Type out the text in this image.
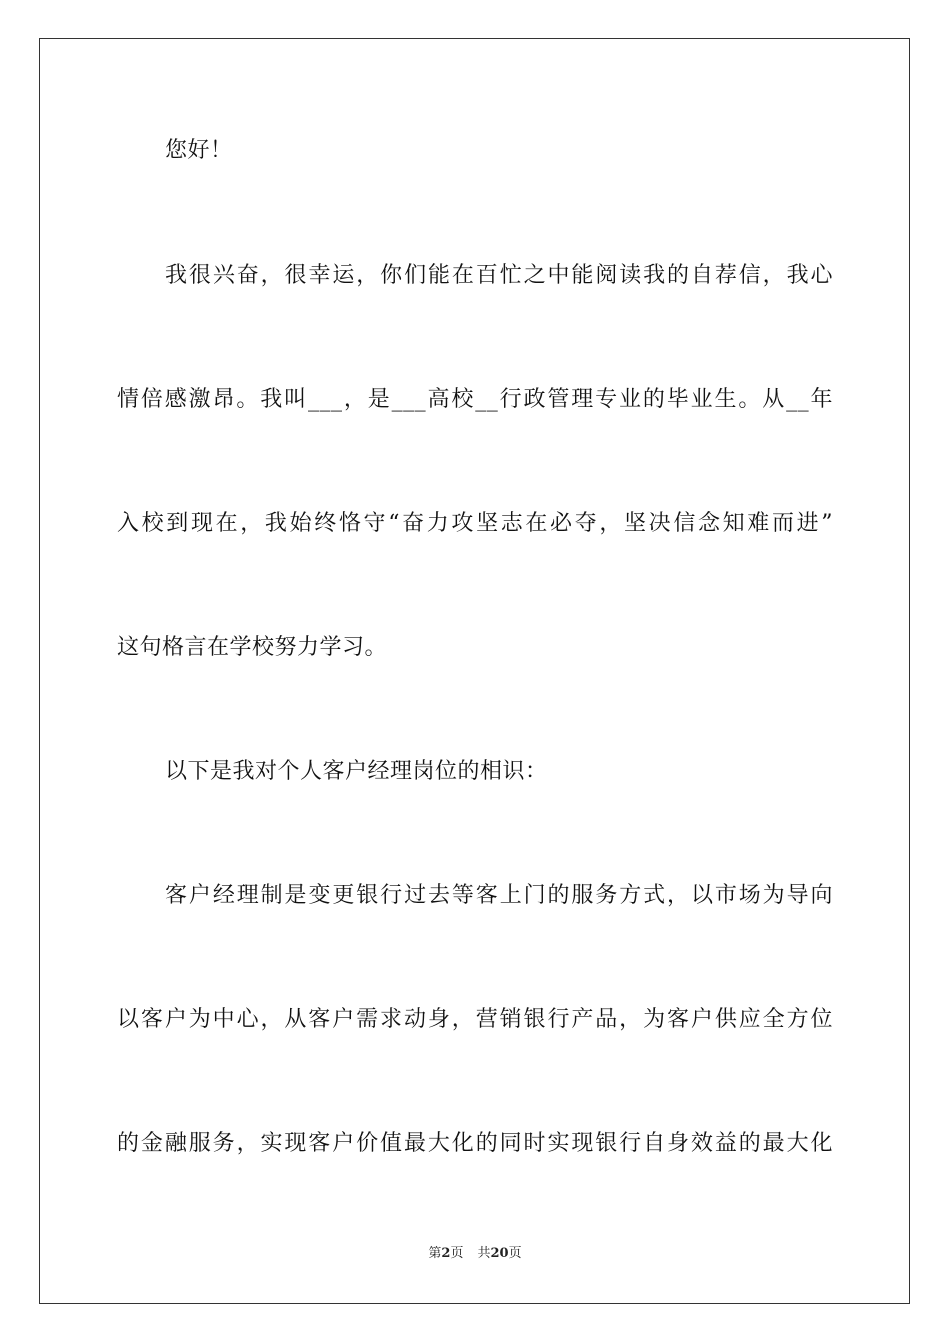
您好！
我很兴奋，很幸运，你们能在百忙之中能阅读我的自荐信，我心
情倍感激昂。我叫___，是___高校__行政管理专业的毕业生。从__年
入校到现在，我始终恪守“奋力攻坚志在必夺，坚决信念知难而进”
这句格言在学校努力学习。
以下是我对个人客户经理岗位的相识：
客户经理制是变更银行过去等客上门的服务方式，以市场为导向
以客户为中心，从客户需求动身，营销银行产品，为客户供应全方位
的金融服务，实现客户价值最大化的同时实现银行自身效益的最大化
第2页 共20页
